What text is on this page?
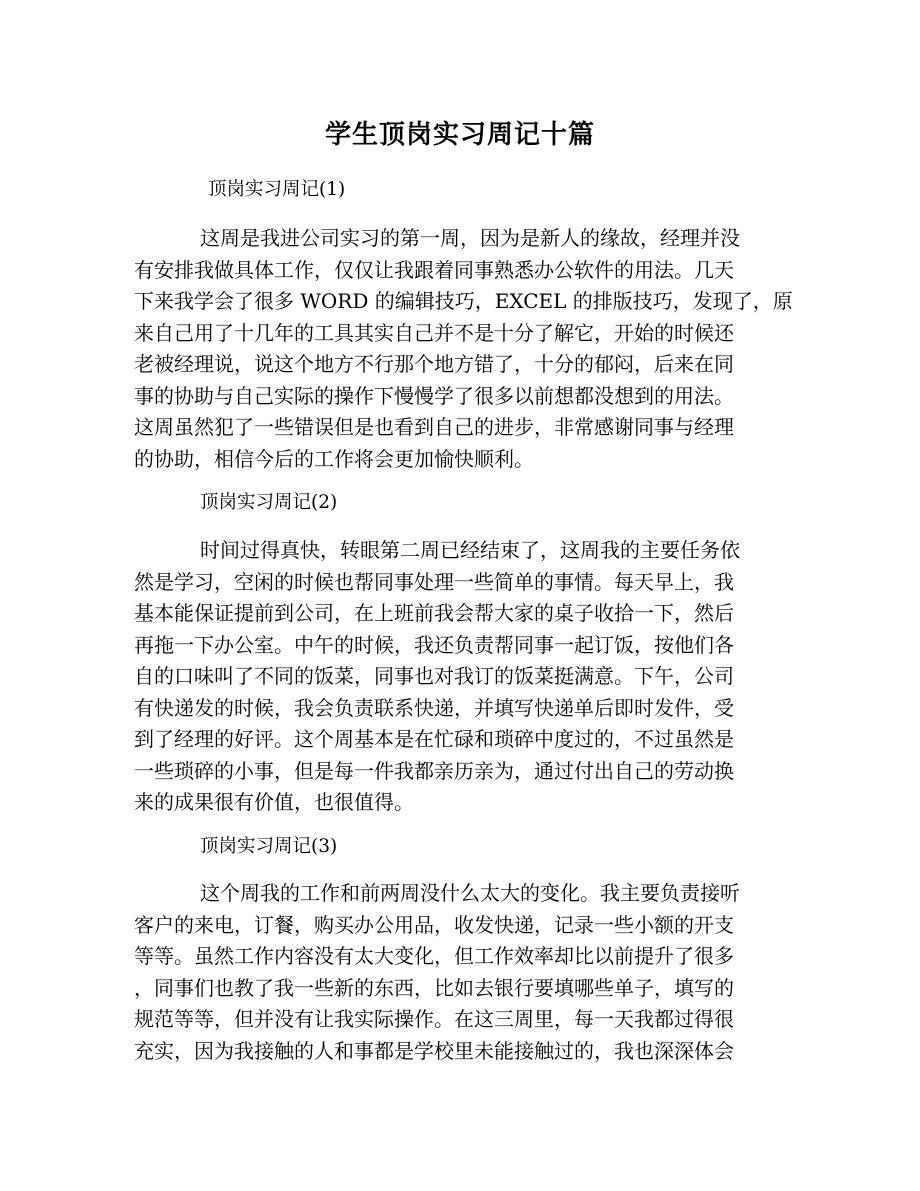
学生顶岗实习周记十篇
顶岗实习周记(1)
这周是我进公司实习的第一周，因为是新人的缘故，经理并没
有安排我做具体工作，仅仅让我跟着同事熟悉办公软件的用法。几天
下来我学会了很多 WORD 的编辑技巧，EXCEL 的排版技巧，发现了，原
来自己用了十几年的工具其实自己并不是十分了解它，开始的时候还
老被经理说，说这个地方不行那个地方错了，十分的郁闷，后来在同
事的协助与自己实际的操作下慢慢学了很多以前想都没想到的用法。
这周虽然犯了一些错误但是也看到自己的进步，非常感谢同事与经理
的协助，相信今后的工作将会更加愉快顺利。
顶岗实习周记(2)
时间过得真快，转眼第二周已经结束了，这周我的主要任务依
然是学习，空闲的时候也帮同事处理一些简单的事情。每天早上，我
基本能保证提前到公司，在上班前我会帮大家的桌子收拾一下，然后
再拖一下办公室。中午的时候，我还负责帮同事一起订饭，按他们各
自的口味叫了不同的饭菜，同事也对我订的饭菜挺满意。下午，公司
有快递发的时候，我会负责联系快递，并填写快递单后即时发件，受
到了经理的好评。这个周基本是在忙碌和琐碎中度过的，不过虽然是
一些琐碎的小事，但是每一件我都亲历亲为，通过付出自己的劳动换
来的成果很有价值，也很值得。
顶岗实习周记(3)
这个周我的工作和前两周没什么太大的变化。我主要负责接听
客户的来电，订餐，购买办公用品，收发快递，记录一些小额的开支
等等。虽然工作内容没有太大变化，但工作效率却比以前提升了很多
，同事们也教了我一些新的东西，比如去银行要填哪些单子，填写的
规范等等，但并没有让我实际操作。在这三周里，每一天我都过得很
充实，因为我接触的人和事都是学校里未能接触过的，我也深深体会
